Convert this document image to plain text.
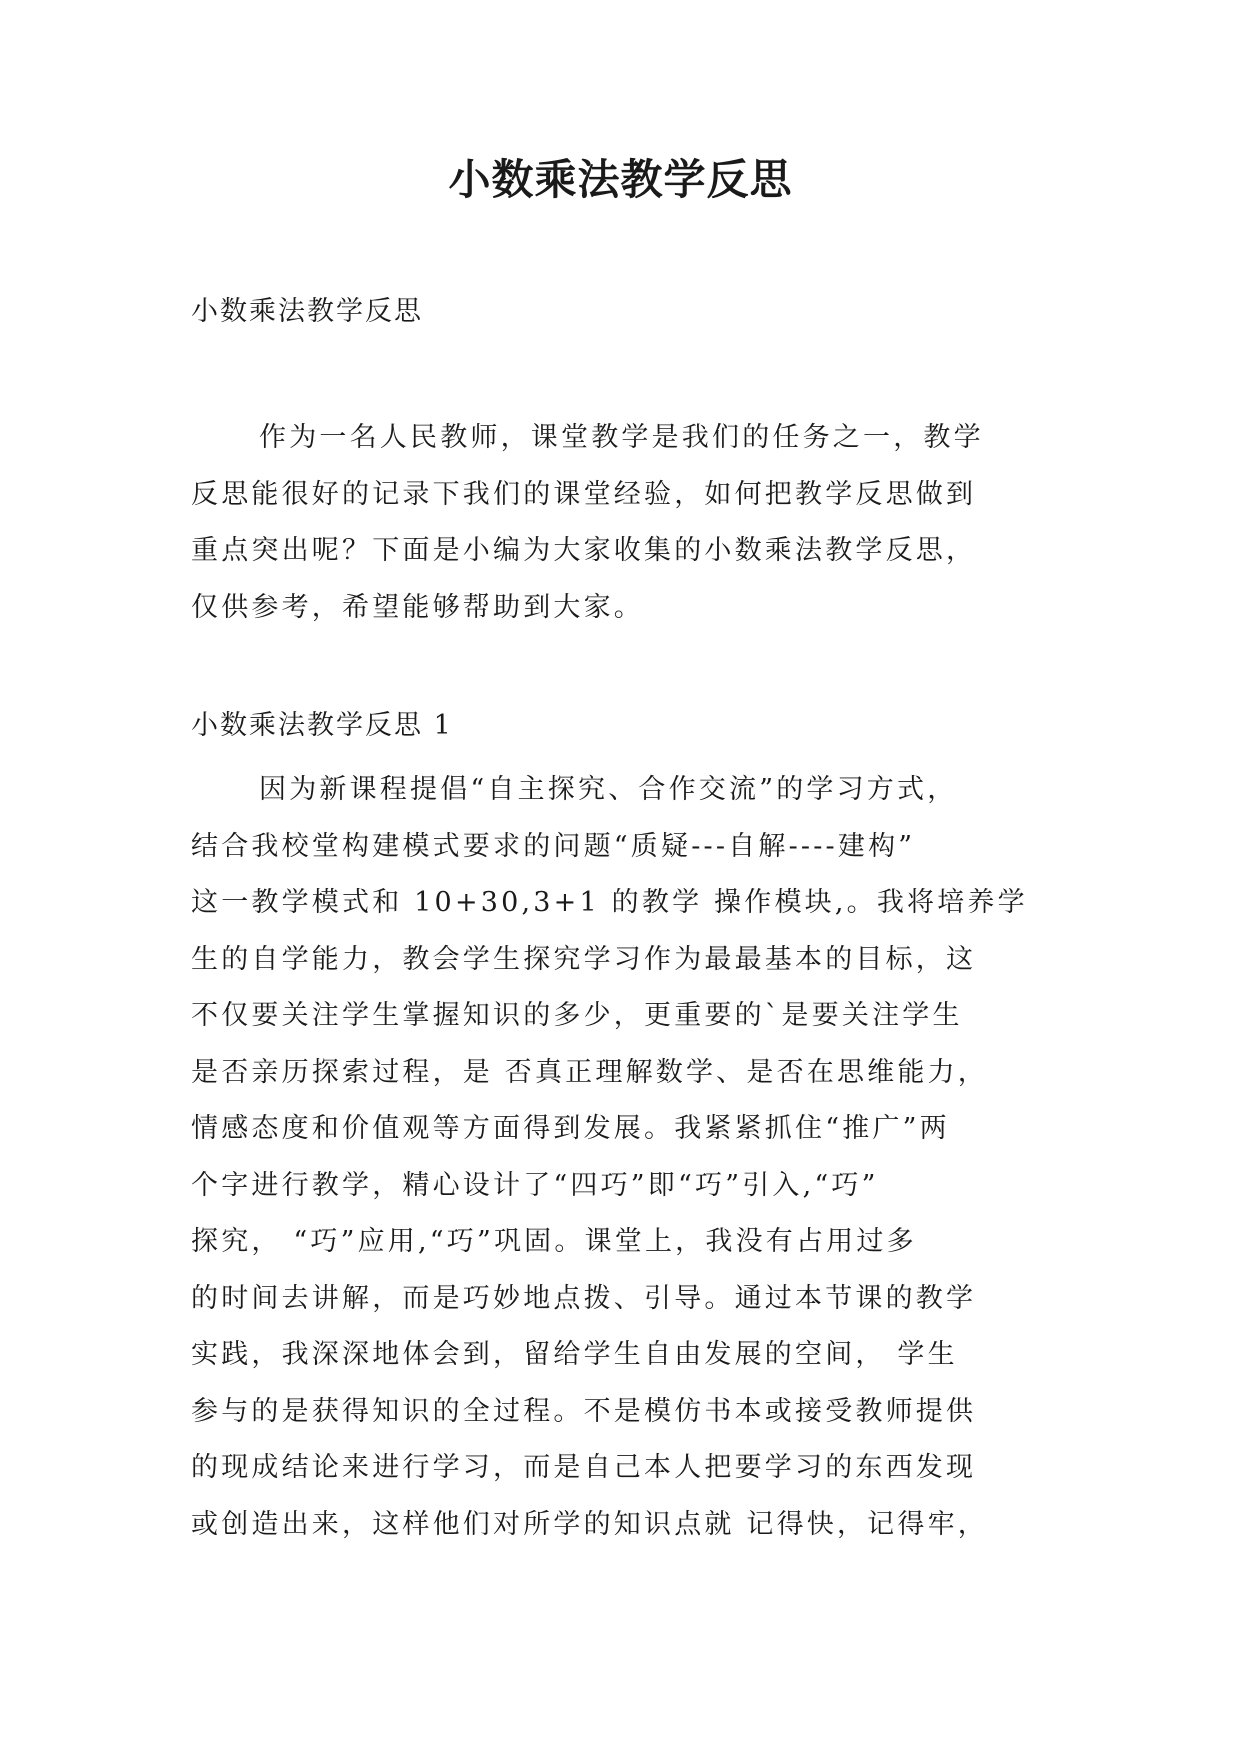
小数乘法教学反思
小数乘法教学反思
作为一名人民教师，课堂教学是我们的任务之一，教学
反思能很好的记录下我们的课堂经验，如何把教学反思做到
重点突出呢？下面是小编为大家收集的小数乘法教学反思，
仅供参考，希望能够帮助到大家。
小数乘法教学反思 1
因为新课程提倡“自主探究、合作交流”的学习方式，
结合我校堂构建模式要求的问题“质疑---自解----建构”
这一教学模式和 10+30,3+1 的教学 操作模块,。我将培养学
生的自学能力，教会学生探究学习作为最最基本的目标，这
不仅要关注学生掌握知识的多少，更重要的`是要关注学生
是否亲历探索过程，是 否真正理解数学、是否在思维能力，
情感态度和价值观等方面得到发展。我紧紧抓住“推广”两
个字进行教学，精心设计了“四巧”即“巧”引入,“巧”
探究， “巧”应用,“巧”巩固。课堂上，我没有占用过多
的时间去讲解，而是巧妙地点拨、引导。通过本节课的教学
实践，我深深地体会到，留给学生自由发展的空间， 学生
参与的是获得知识的全过程。不是模仿书本或接受教师提供
的现成结论来进行学习，而是自己本人把要学习的东西发现
或创造出来，这样他们对所学的知识点就 记得快，记得牢，
